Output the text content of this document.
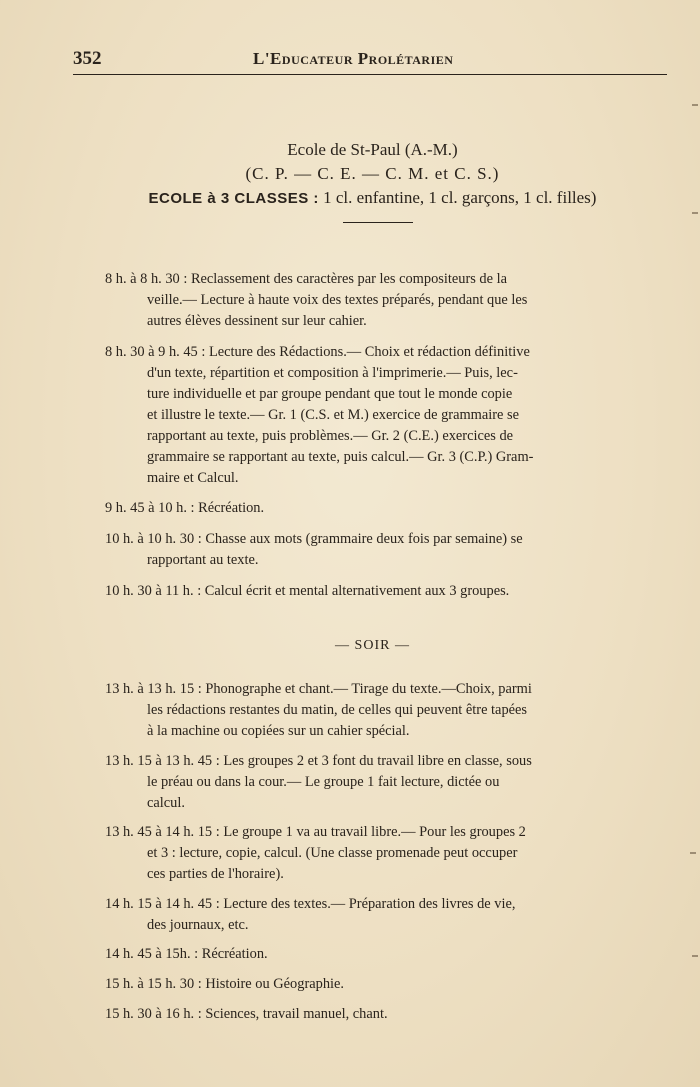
352	L'Educateur Prolétarien
Ecole de St-Paul (A.-M.)
(C. P. — C. E. — C. M. et C. S.)
ECOLE à 3 CLASSES : 1 cl. enfantine, 1 cl. garçons, 1 cl. filles)
8 h. à 8 h. 30 : Reclassement des caractères par les compositeurs de la
veille.— Lecture à haute voix des textes préparés, pendant que les
autres élèves dessinent sur leur cahier.
8 h. 30 à 9 h. 45 : Lecture des Rédactions.— Choix et rédaction définitive
d'un texte, répartition et composition à l'imprimerie.— Puis, lec-
ture individuelle et par groupe pendant que tout le monde copie
et illustre le texte.— Gr. 1 (C.S. et M.) exercice de grammaire se
rapportant au texte, puis problèmes.— Gr. 2 (C.E.) exercices de
grammaire se rapportant au texte, puis calcul.— Gr. 3 (C.P.) Gram-
maire et Calcul.
9 h. 45 à 10 h. : Récréation.
10 h. à 10 h. 30 : Chasse aux mots (grammaire deux fois par semaine) se
rapportant au texte.
10 h. 30 à 11 h. : Calcul écrit et mental alternativement aux 3 groupes.
— SOIR —
13 h. à 13 h. 15 : Phonographe et chant.— Tirage du texte.—Choix, parmi
les rédactions restantes du matin, de celles qui peuvent être tapées
à la machine ou copiées sur un cahier spécial.
13 h. 15 à 13 h. 45 : Les groupes 2 et 3 font du travail libre en classe, sous
le préau ou dans la cour.— Le groupe 1 fait lecture, dictée ou
calcul.
13 h. 45 à 14 h. 15 : Le groupe 1 va au travail libre.— Pour les groupes 2
et 3 : lecture, copie, calcul. (Une classe promenade peut occuper
ces parties de l'horaire).
14 h. 15 à 14 h. 45 : Lecture des textes.— Préparation des livres de vie,
des journaux, etc.
14 h. 45 à 15h. : Récréation.
15 h. à 15 h. 30 : Histoire ou Géographie.
15 h. 30 à 16 h. : Sciences, travail manuel, chant.
